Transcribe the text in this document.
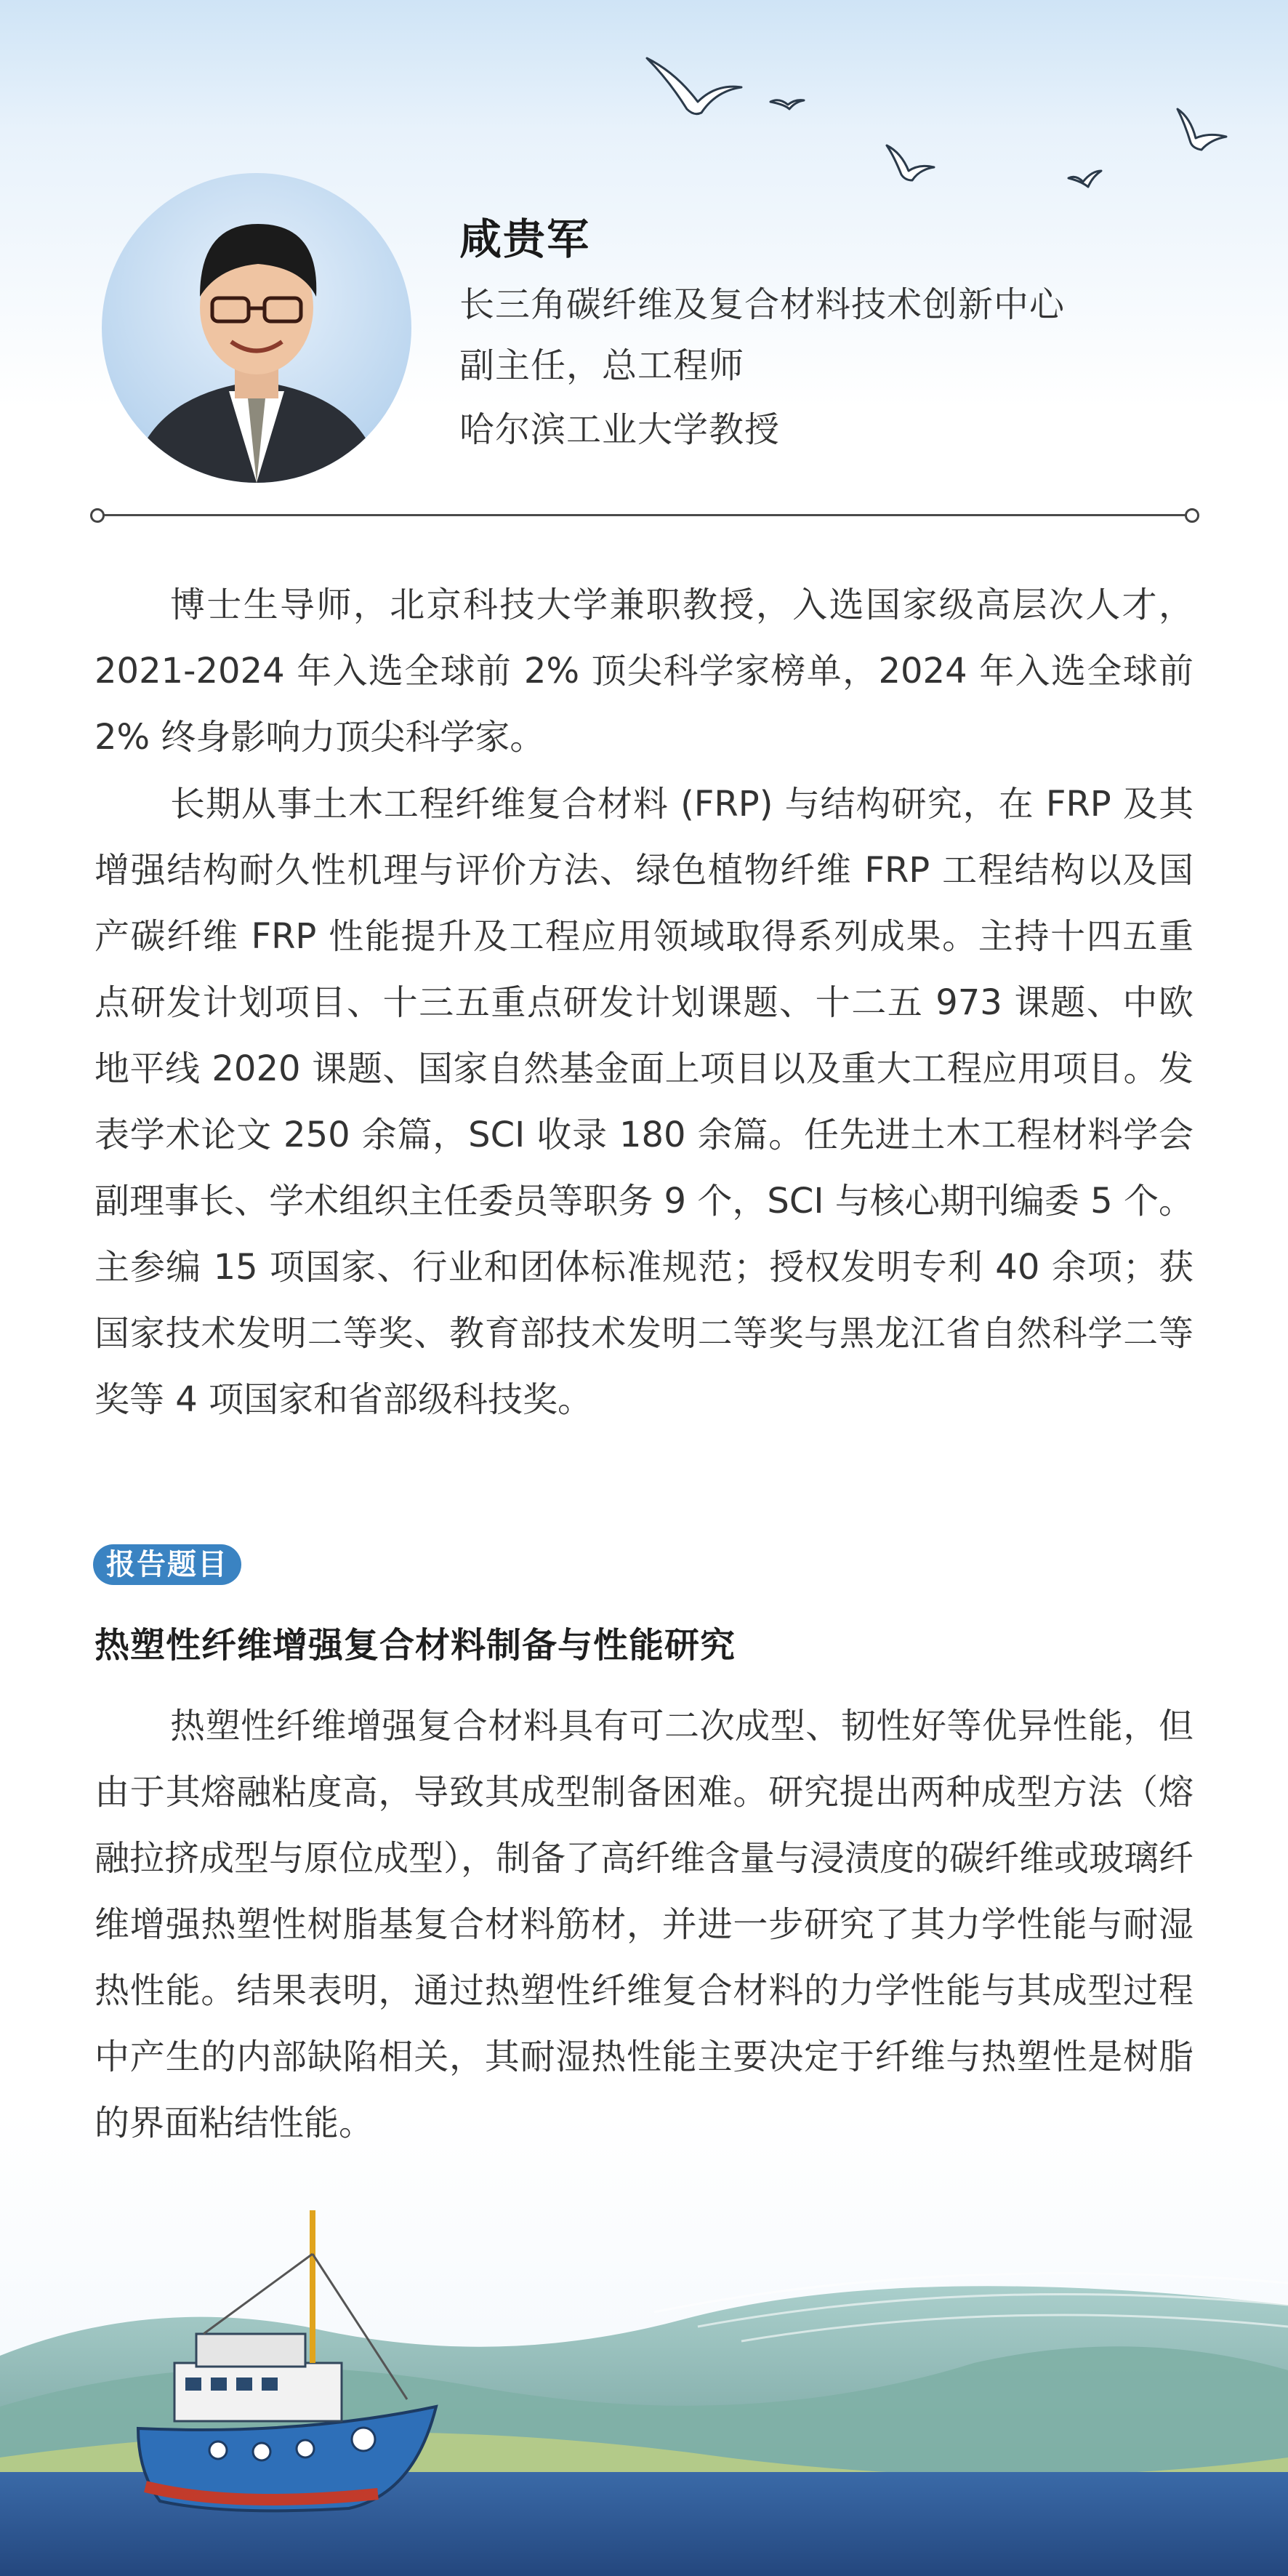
咸贵军
长三角碳纤维及复合材料技术创新中心
副主任，总工程师
哈尔滨工业大学教授

博士生导师，北京科技大学兼职教授，入选国家级高层次人才，2021-2024 年入选全球前 2% 顶尖科学家榜单，2024 年入选全球前 2% 终身影响力顶尖科学家。

长期从事土木工程纤维复合材料 (FRP) 与结构研究，在 FRP 及其增强结构耐久性机理与评价方法、绿色植物纤维 FRP 工程结构以及国产碳纤维 FRP 性能提升及工程应用领域取得系列成果。主持十四五重点研发计划项目、十三五重点研发计划课题、十二五 973 课题、中欧地平线 2020 课题、国家自然基金面上项目以及重大工程应用项目。发表学术论文 250 余篇，SCI 收录 180 余篇。任先进土木工程材料学会副理事长、学术组织主任委员等职务 9 个，SCI 与核心期刊编委 5 个。主参编 15 项国家、行业和团体标准规范；授权发明专利 40 余项；获国家技术发明二等奖、教育部技术发明二等奖与黑龙江省自然科学二等奖等 4 项国家和省部级科技奖。

报告题目
热塑性纤维增强复合材料制备与性能研究

热塑性纤维增强复合材料具有可二次成型、韧性好等优异性能，但由于其熔融粘度高，导致其成型制备困难。研究提出两种成型方法（熔融拉挤成型与原位成型），制备了高纤维含量与浸渍度的碳纤维或玻璃纤维增强热塑性树脂基复合材料筋材，并进一步研究了其力学性能与耐湿热性能。结果表明，通过热塑性纤维复合材料的力学性能与其成型过程中产生的内部缺陷相关，其耐湿热性能主要决定于纤维与热塑性是树脂的界面粘结性能。
